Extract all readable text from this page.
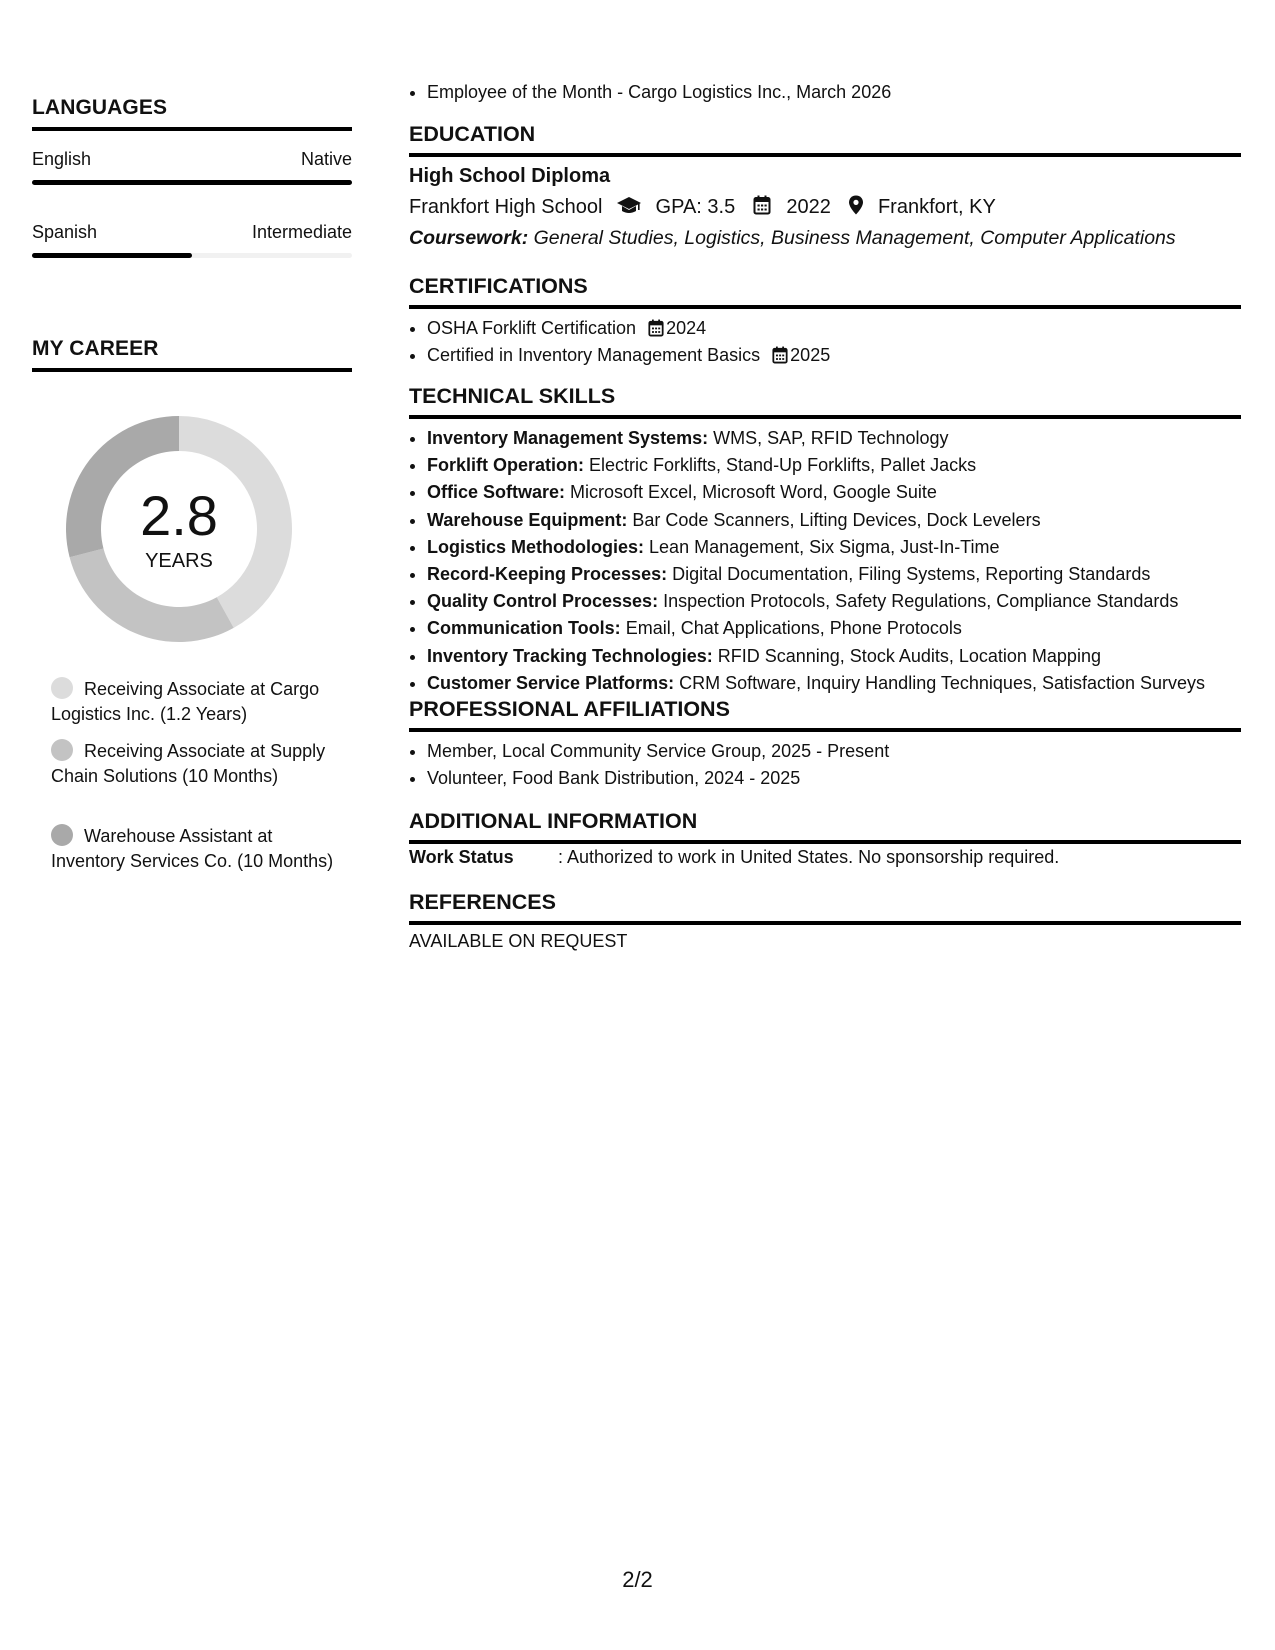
LANGUAGES
English	Native
Spanish	Intermediate
MY CAREER
2.8
YEARS
Receiving Associate at Cargo Logistics Inc. (1.2 Years)
Receiving Associate at Supply Chain Solutions (10 Months)
Warehouse Assistant at Inventory Services Co. (10 Months)
• Employee of the Month - Cargo Logistics Inc., March 2026
EDUCATION
High School Diploma
Frankfort High School	GPA: 3.5	2022 Frankfort, KY
Coursework: General Studies, Logistics, Business Management, Computer Applications
CERTIFICATIONS
• OSHA Forklift Certification 2024
• Certified in Inventory Management Basics 2025
TECHNICAL SKILLS
• Inventory Management Systems: WMS, SAP, RFID Technology
• Forklift Operation: Electric Forklifts, Stand-Up Forklifts, Pallet Jacks
• Office Software: Microsoft Excel, Microsoft Word, Google Suite
• Warehouse Equipment: Bar Code Scanners, Lifting Devices, Dock Levelers
• Logistics Methodologies: Lean Management, Six Sigma, Just-In-Time
• Record-Keeping Processes: Digital Documentation, Filing Systems, Reporting Standards
• Quality Control Processes: Inspection Protocols, Safety Regulations, Compliance Standards
• Communication Tools: Email, Chat Applications, Phone Protocols
• Inventory Tracking Technologies: RFID Scanning, Stock Audits, Location Mapping
• Customer Service Platforms: CRM Software, Inquiry Handling Techniques, Satisfaction Surveys
PROFESSIONAL AFFILIATIONS
• Member, Local Community Service Group, 2025 - Present
• Volunteer, Food Bank Distribution, 2024 - 2025
ADDITIONAL INFORMATION
Work Status : Authorized to work in United States. No sponsorship required.
REFERENCES
AVAILABLE ON REQUEST
2/2
